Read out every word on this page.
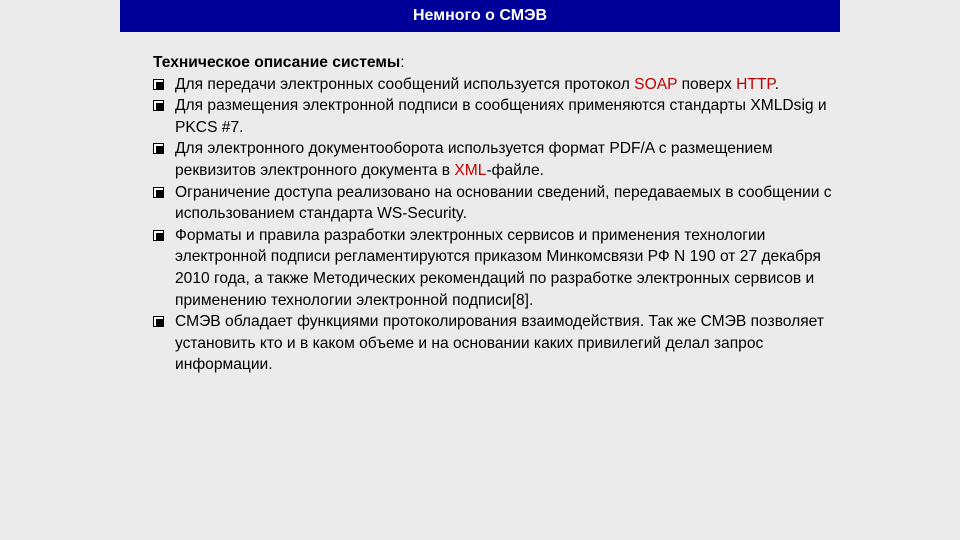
Немного о СМЭВ
Техническое описание системы:
Для передачи электронных сообщений используется протокол SOAP поверх HTTP.
Для размещения электронной подписи в сообщениях применяются стандарты XMLDsig и PKCS #7.
Для электронного документооборота используется формат PDF/A с размещением реквизитов электронного документа в XML-файле.
Ограничение доступа реализовано на основании сведений, передаваемых в сообщении с использованием стандарта WS-Security.
Форматы и правила разработки электронных сервисов и применения технологии электронной подписи регламентируются приказом Минкомсвязи РФ N 190 от 27 декабря 2010 года, а также Методических рекомендаций по разработке электронных сервисов и применению технологии электронной подписи[8].
СМЭВ обладает функциями протоколирования взаимодействия. Так же СМЭВ позволяет установить кто и в каком объеме и на основании каких привилегий делал запрос информации.
